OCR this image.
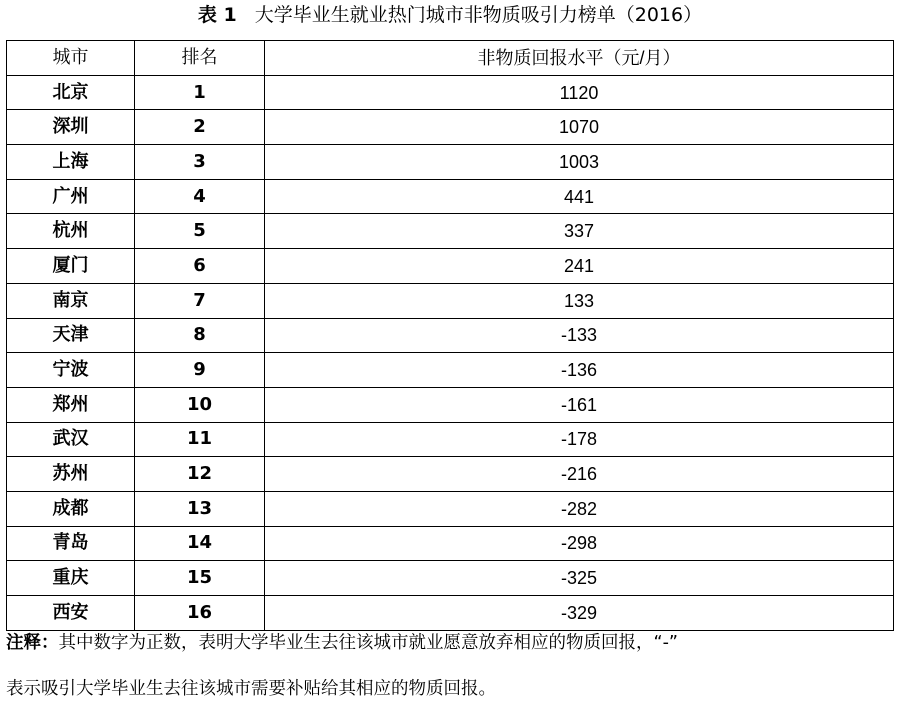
表 1 大学毕业生就业热门城市非物质吸引力榜单（2016）
城市	排名	非物质回报水平（元/月）
北京	1	1120
深圳	2	1070
上海	3	1003
广州	4	441
杭州	5	337
厦门	6	241
南京	7	133
天津	8	-133
宁波	9	-136
郑州	10	-161
武汉	11	-178
苏州	12	-216
成都	13	-282
青岛	14	-298
重庆	15	-325
西安	16	-329
注释：其中数字为正数，表明大学毕业生去往该城市就业愿意放弃相应的物质回报，“-”
表示吸引大学毕业生去往该城市需要补贴给其相应的物质回报。
